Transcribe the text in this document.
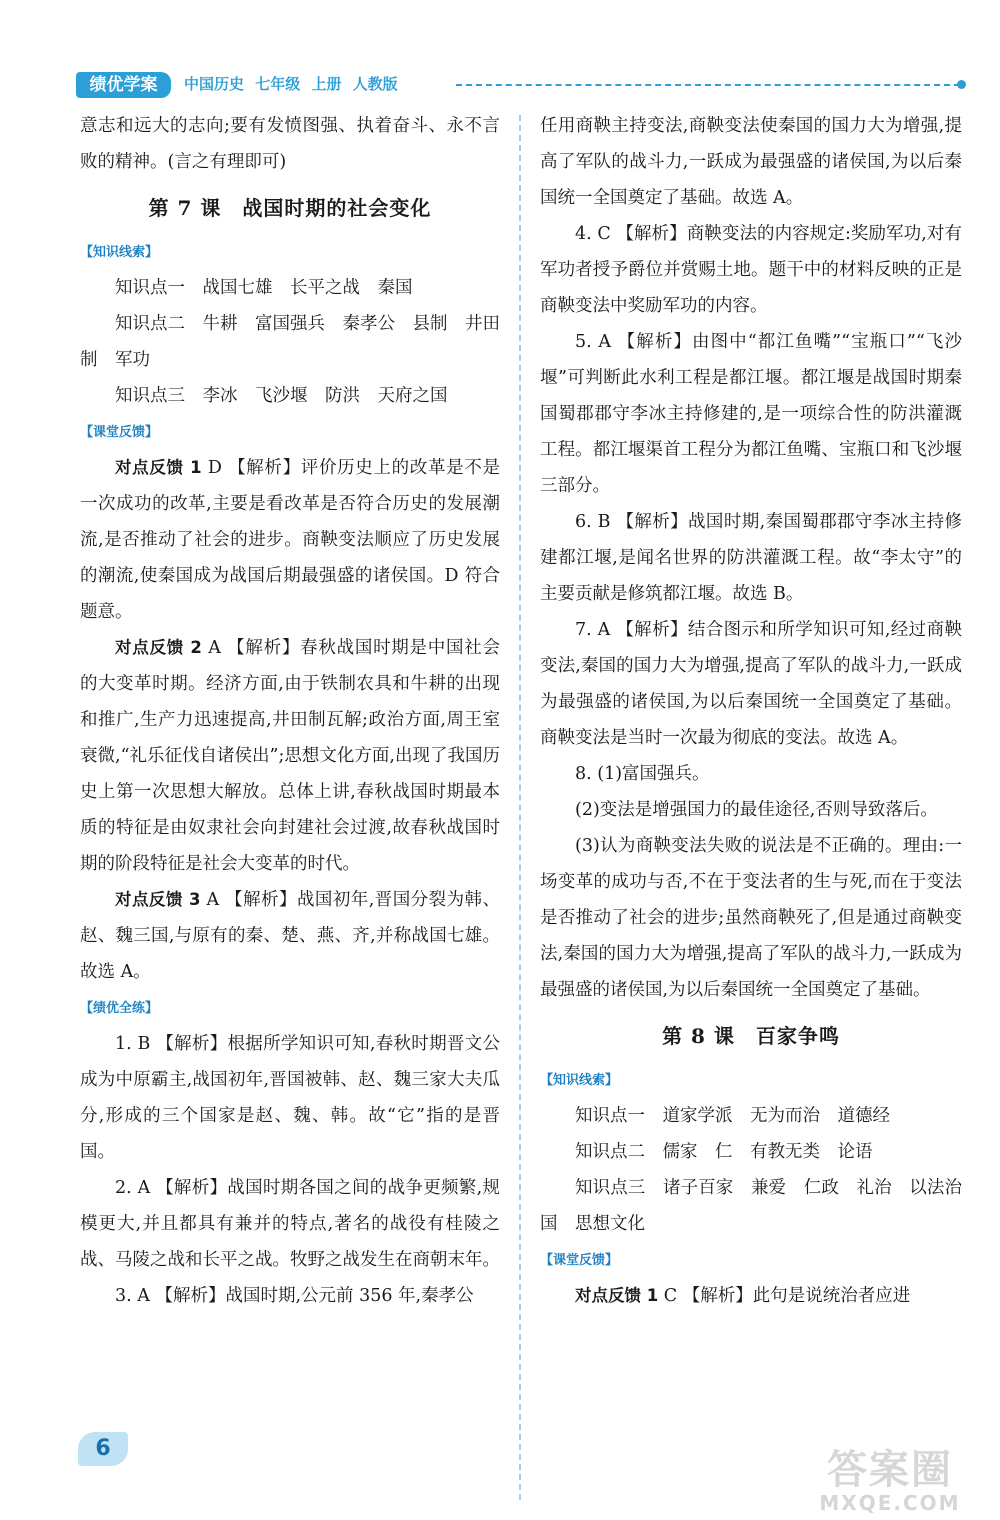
绩优学案	中国历史 七年级 上册 人教版

意志和远大的志向;要有发愤图强、执着奋斗、永不言败的精神。(言之有理即可)

第 7 课　战国时期的社会变化

【知识线索】

知识点一　战国七雄　长平之战　秦国

知识点二　牛耕　富国强兵　秦孝公　县制　井田制　军功

知识点三　李冰　飞沙堰　防洪　天府之国

【课堂反馈】

对点反馈 1 D 【解析】评价历史上的改革是不是一次成功的改革,主要是看改革是否符合历史的发展潮流,是否推动了社会的进步。商鞅变法顺应了历史发展的潮流,使秦国成为战国后期最强盛的诸侯国。D 符合题意。

对点反馈 2 A 【解析】春秋战国时期是中国社会的大变革时期。经济方面,由于铁制农具和牛耕的出现和推广,生产力迅速提高,井田制瓦解;政治方面,周王室衰微,“礼乐征伐自诸侯出”;思想文化方面,出现了我国历史上第一次思想大解放。总体上讲,春秋战国时期最本质的特征是由奴隶社会向封建社会过渡,故春秋战国时期的阶段特征是社会大变革的时代。

对点反馈 3 A 【解析】战国初年,晋国分裂为韩、赵、魏三国,与原有的秦、楚、燕、齐,并称战国七雄。故选 A。

【绩优全练】

1. B 【解析】根据所学知识可知,春秋时期晋文公成为中原霸主,战国初年,晋国被韩、赵、魏三家大夫瓜分,形成的三个国家是赵、魏、韩。故“它”指的是晋国。

2. A 【解析】战国时期各国之间的战争更频繁,规模更大,并且都具有兼并的特点,著名的战役有桂陵之战、马陵之战和长平之战。牧野之战发生在商朝末年。

3. A 【解析】战国时期,公元前 356 年,秦孝公

任用商鞅主持变法,商鞅变法使秦国的国力大为增强,提高了军队的战斗力,一跃成为最强盛的诸侯国,为以后秦国统一全国奠定了基础。故选 A。

4. C 【解析】商鞅变法的内容规定:奖励军功,对有军功者授予爵位并赏赐土地。题干中的材料反映的正是商鞅变法中奖励军功的内容。

5. A 【解析】由图中“都江鱼嘴”“宝瓶口”“飞沙堰”可判断此水利工程是都江堰。都江堰是战国时期秦国蜀郡郡守李冰主持修建的,是一项综合性的防洪灌溉工程。都江堰渠首工程分为都江鱼嘴、宝瓶口和飞沙堰三部分。

6. B 【解析】战国时期,秦国蜀郡郡守李冰主持修建都江堰,是闻名世界的防洪灌溉工程。故“李太守”的主要贡献是修筑都江堰。故选 B。

7. A 【解析】结合图示和所学知识可知,经过商鞅变法,秦国的国力大为增强,提高了军队的战斗力,一跃成为最强盛的诸侯国,为以后秦国统一全国奠定了基础。商鞅变法是当时一次最为彻底的变法。故选 A。

8. (1)富国强兵。

(2)变法是增强国力的最佳途径,否则导致落后。

(3)认为商鞅变法失败的说法是不正确的。理由:一场变革的成功与否,不在于变法者的生与死,而在于变法是否推动了社会的进步;虽然商鞅死了,但是通过商鞅变法,秦国的国力大为增强,提高了军队的战斗力,一跃成为最强盛的诸侯国,为以后秦国统一全国奠定了基础。

第 8 课　百家争鸣

【知识线索】

知识点一　道家学派　无为而治　道德经

知识点二　儒家　仁　有教无类　论语

知识点三　诸子百家　兼爱　仁政　礼治　以法治国　思想文化

【课堂反馈】

对点反馈 1 C 【解析】此句是说统治者应进

6	答案圈
MXQE.COM
